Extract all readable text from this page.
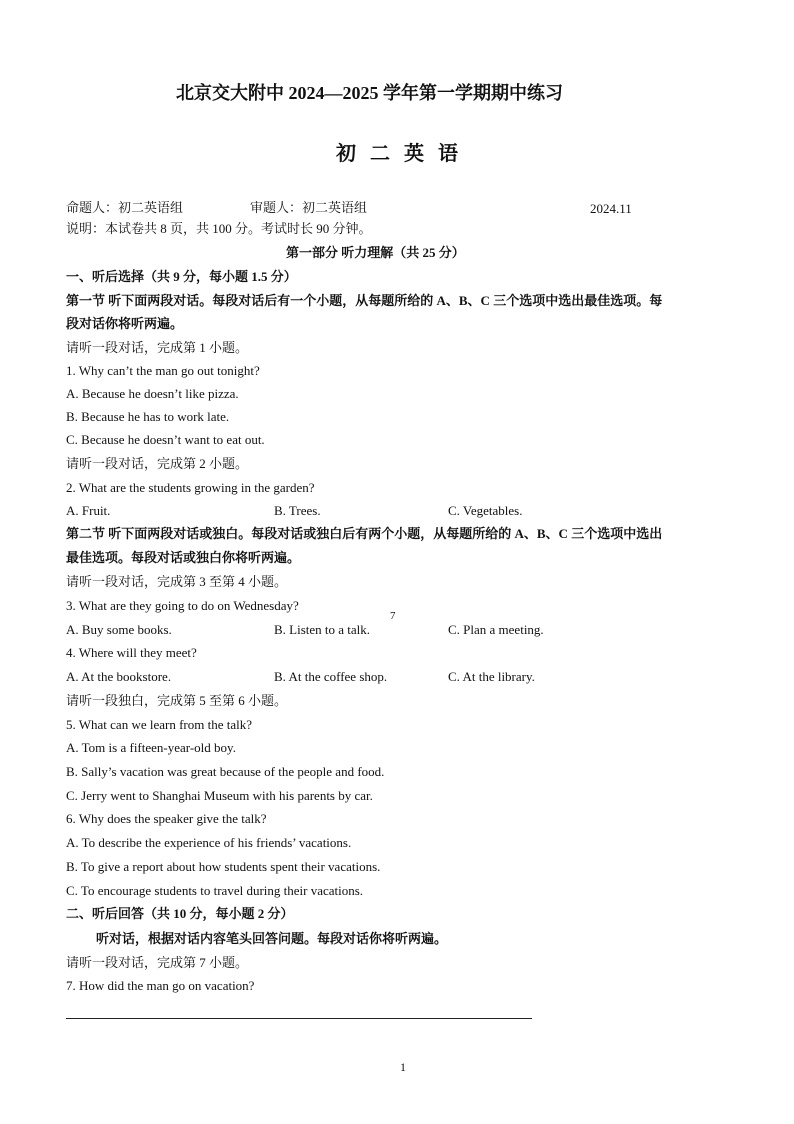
北京交大附中 2024—2025 学年第一学期期中练习
初二英语
命题人：初二英语组	审题人：初二英语组	2024.11
说明：本试卷共 8 页，共 100 分。考试时长 90 分钟。
第一部分 听力理解（共 25 分）
一、听后选择（共 9 分，每小题 1.5 分）
第一节 听下面两段对话。每段对话后有一个小题，从每题所给的 A、B、C 三个选项中选出最佳选项。每
段对话你将听两遍。
请听一段对话，完成第 1 小题。
1. Why can’t the man go out tonight?
A. Because he doesn’t like pizza.
B. Because he has to work late.
C. Because he doesn’t want to eat out.
请听一段对话，完成第 2 小题。
2. What are the students growing in the garden?
A. Fruit.	B. Trees.	C. Vegetables.
第二节 听下面两段对话或独白。每段对话或独白后有两个小题，从每题所给的 A、B、C 三个选项中选出
最佳选项。每段对话或独白你将听两遍。
请听一段对话，完成第 3 至第 4 小题。
3. What are they going to do on Wednesday?
A. Buy some books.	B. Listen to a talk.
7
C. Plan a meeting.
4. Where will they meet?
A. At the bookstore.	B. At the coffee shop.	C. At the library.
请听一段独白，完成第 5 至第 6 小题。
5. What can we learn from the talk?
A. Tom is a fifteen-year-old boy.
B. Sally’s vacation was great because of the people and food.
C. Jerry went to Shanghai Museum with his parents by car.
6. Why does the speaker give the talk?
A. To describe the experience of his friends’ vacations.
B. To give a report about how students spent their vacations.
C. To encourage students to travel during their vacations.
二、听后回答（共 10 分，每小题 2 分）
听对话，根据对话内容笔头回答问题。每段对话你将听两遍。
请听一段对话，完成第 7 小题。
7. How did the man go on vacation?
1
